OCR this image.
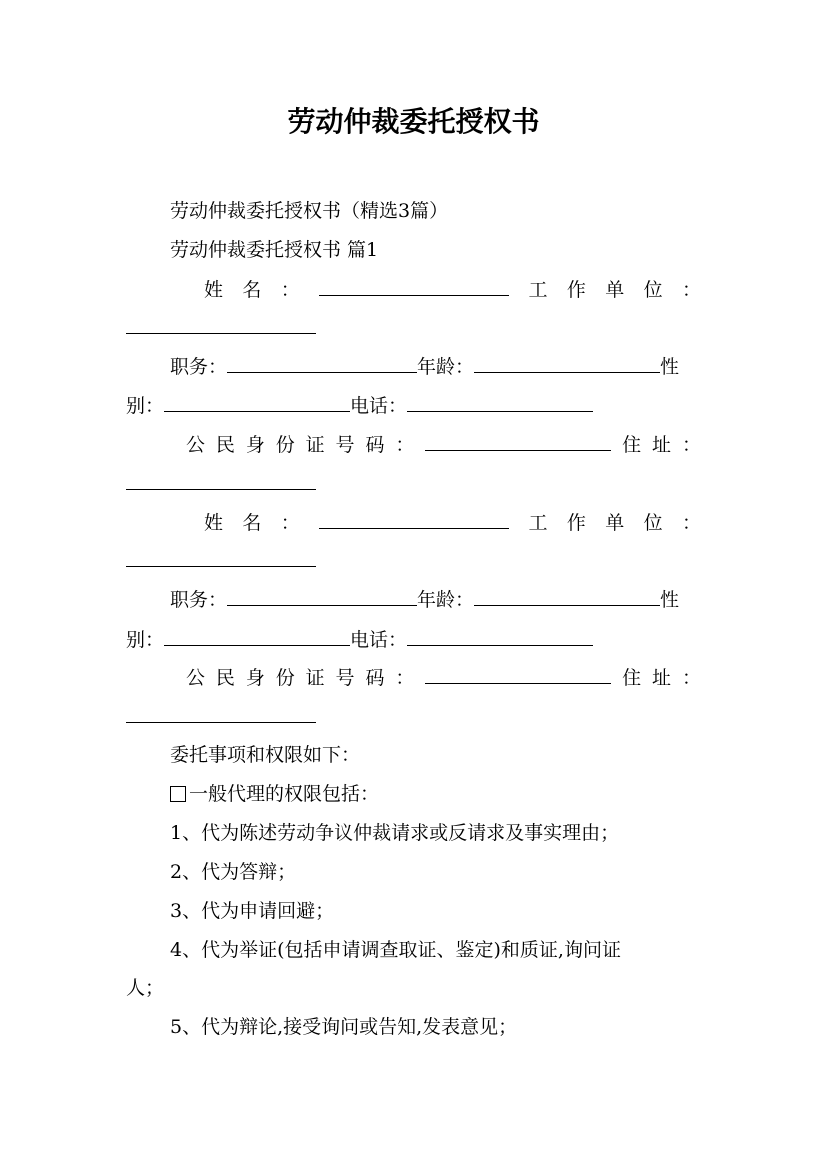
劳动仲裁委托授权书
劳动仲裁委托授权书（精选3篇）
劳动仲裁委托授权书 篇1
姓 名 ：	工 作 单 位 ：
职务：	年龄：	性
别：	电话：
公 民 身 份 证 号 码 ：	住 址 ：
姓 名 ：	工 作 单 位 ：
职务：	年龄：	性
别：	电话：
公 民 身 份 证 号 码 ：	住 址 ：
委托事项和权限如下：
一般代理的权限包括：
1、代为陈述劳动争议仲裁请求或反请求及事实理由；
2、代为答辩；
3、代为申请回避；
4、代为举证(包括申请调查取证、鉴定)和质证,询问证
人；
5、代为辩论,接受询问或告知,发表意见；
